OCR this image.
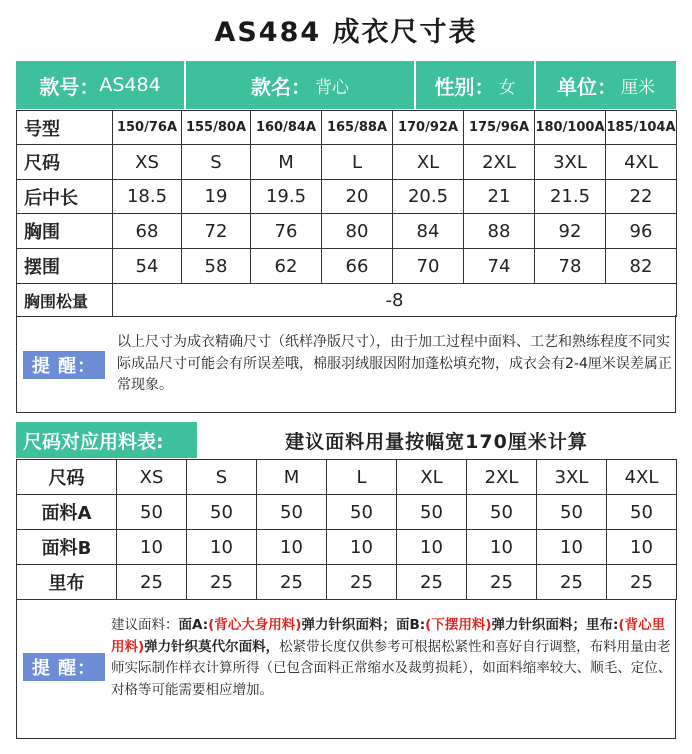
AS484 成衣尺寸表
款号： AS484	款名： 背心	性别： 女 单位： 厘米
号型	150/76A	155/80A	160/84A	165/88A	170/92A	175/96A	180/100A	185/104A
尺码	XS	S	M	L	XL	2XL	3XL	4XL
后中长	18.5	19	19.5	20	20.5	21	21.5	22
胸围	68	72	76	80	84	88	92	96
摆围	54	58	62	66	70	74	78	82
胸围松量	-8							
提 醒：
以上尺寸为成衣精确尺寸（纸样净版尺寸），由于加工过程中面料、工艺和熟练程度不同实际成品尺寸可能会有所误差哦，棉服羽绒服因附加蓬松填充物，成衣会有2-4厘米误差属正常现象。
尺码对应用料表:	建议面料用量按幅宽170厘米计算
尺码	XS	S	M	L	XL	2XL	3XL	4XL
面料A	50	50	50	50	50	50	50	50
面料B	10	10	10	10	10	10	10	10
里布	25	25	25	25	25	25	25	25
提 醒：
建议面料：面A:(背心大身用料)弹力针织面料；面B:(下摆用料)弹力针织面料；里布:(背心里用料)弹力针织莫代尔面料，松紧带长度仅供参考可根据松紧性和喜好自行调整，布料用量由老师实际制作样衣计算所得（已包含面料正常缩水及裁剪损耗），如面料缩率较大、顺毛、定位、对格等可能需要相应增加。
